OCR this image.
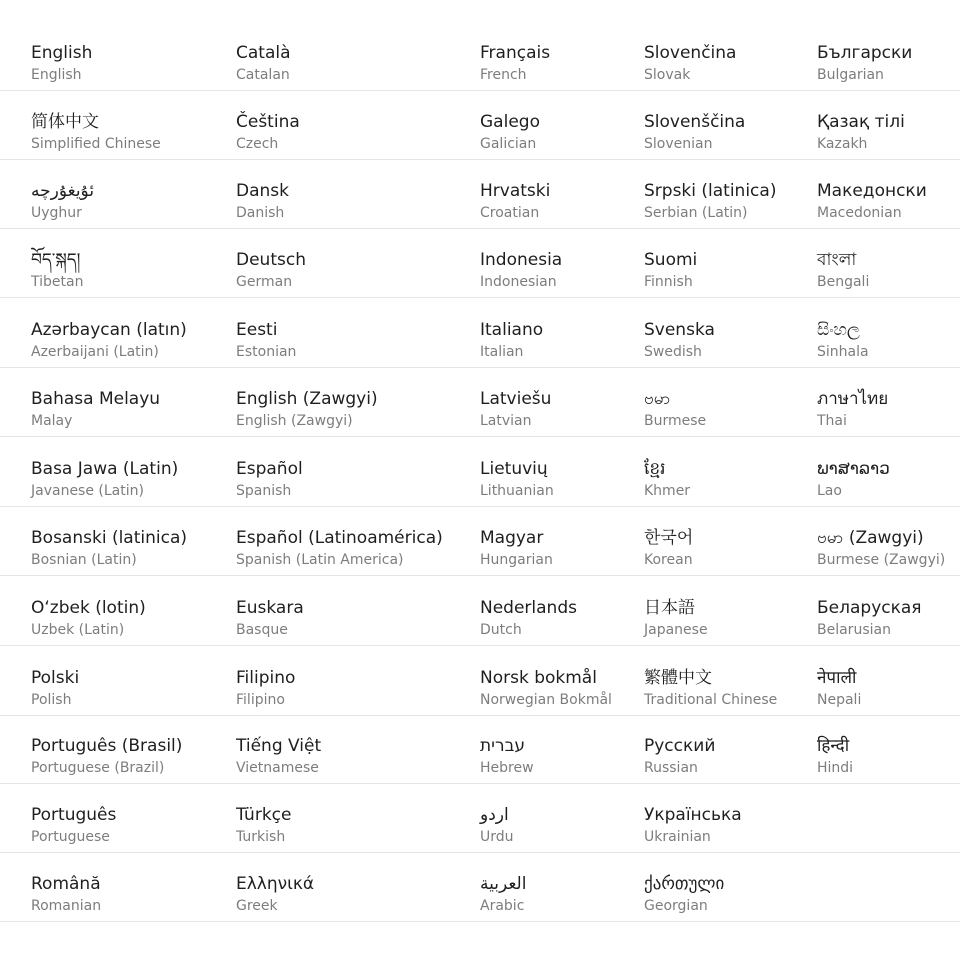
English
English
Català
Catalan
Français
French
Slovenčina
Slovak
Български
Bulgarian
简体中文
Simplified Chinese
Čeština
Czech
Galego
Galician
Slovenščina
Slovenian
Қазақ тілі
Kazakh
ئۇيغۇرچە
Uyghur
Dansk
Danish
Hrvatski
Croatian
Srpski (latinica)
Serbian (Latin)
Македонски
Macedonian
བོད་སྐད།
Tibetan
Deutsch
German
Indonesia
Indonesian
Suomi
Finnish
বাংলা
Bengali
Azərbaycan (latın)
Azerbaijani (Latin)
Eesti
Estonian
Italiano
Italian
Svenska
Swedish
සිංහල
Sinhala
Bahasa Melayu
Malay
English (Zawgyi)
English (Zawgyi)
Latviešu
Latvian
ဗမာ
Burmese
ภาษาไทย
Thai
Basa Jawa (Latin)
Javanese (Latin)
Español
Spanish
Lietuvių
Lithuanian
ខ្មែរ
Khmer
ພາສາລາວ
Lao
Bosanski (latinica)
Bosnian (Latin)
Español (Latinoamérica)
Spanish (Latin America)
Magyar
Hungarian
한국어
Korean
ဗမာ (Zawgyi)
Burmese (Zawgyi)
Oʻzbek (lotin)
Uzbek (Latin)
Euskara
Basque
Nederlands
Dutch
日本語
Japanese
Беларуская
Belarusian
Polski
Polish
Filipino
Filipino
Norsk bokmål
Norwegian Bokmål
繁體中文
Traditional Chinese
नेपाली
Nepali
Português (Brasil)
Portuguese (Brazil)
Tiếng Việt
Vietnamese
עברית
Hebrew
Русский
Russian
हिन्दी
Hindi
Português
Portuguese
Türkçe
Turkish
اردو
Urdu
Українська
Ukrainian
Română
Romanian
Ελληνικά
Greek
العربية
Arabic
ქართული
Georgian
